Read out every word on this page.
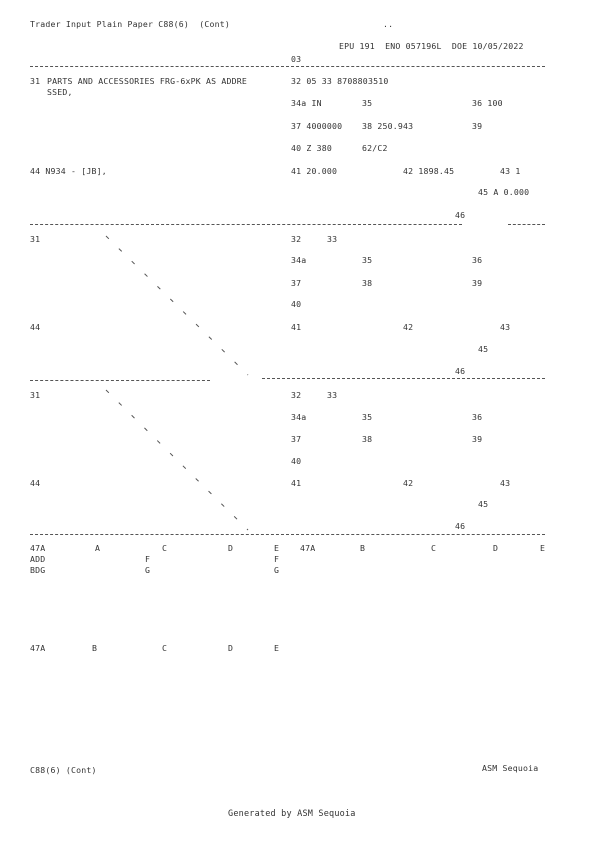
Trader Input Plain Paper C88(6)  (Cont)	..
EPU 191  ENO 057196L  DOE 10/05/2022
03
31 PARTS AND ACCESSORIES FRG-6xPK AS ADDRE
SSED,
32 05 33 8708803510
34a IN	35	36 100
37 4000000 38 250.943	39
40 Z 380	62/C2
44 N934 - [JB],	41 20.000	42 1898.45	43 1
45 A 0.000
46
31	32	33
34a	35	36
37	38	39
40
44	41	42	43
45
46
31	32	33
34a	35	36
37	38	39
40
44	41	42	43
45
46
47A	A	C	D	E
ADD	F	F
BDG	G	G
47A	B	C	D	E
47A	B	C	D	E
C88(6) (Cont)	ASM Sequoia
Generated by ASM Sequoia
